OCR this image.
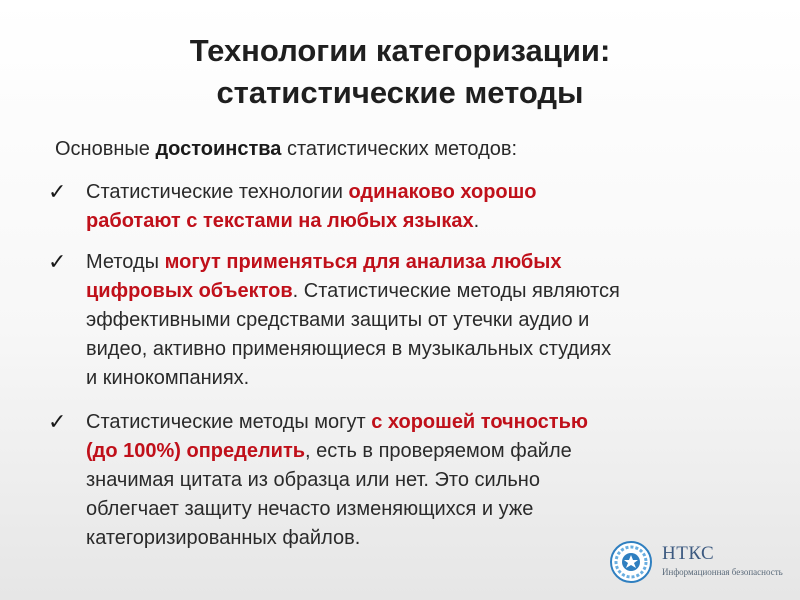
Технологии категоризации:
статистические методы
Основные достоинства статистических методов:
✓ Статистические технологии одинаково хорошо
работают с текстами на любых языках.
✓ Методы могут применяться для анализа любых
цифровых объектов. Статистические методы являются
эффективными средствами защиты от утечки аудио и
видео, активно применяющиеся в музыкальных студиях
и кинокомпаниях.
✓ Статистические методы могут с хорошей точностью
(до 100%) определить, есть в проверяемом файле
значимая цитата из образца или нет. Это сильно
облегчает защиту нечасто изменяющихся и уже
категоризированных файлов.
НТКС
Информационная безопасность
